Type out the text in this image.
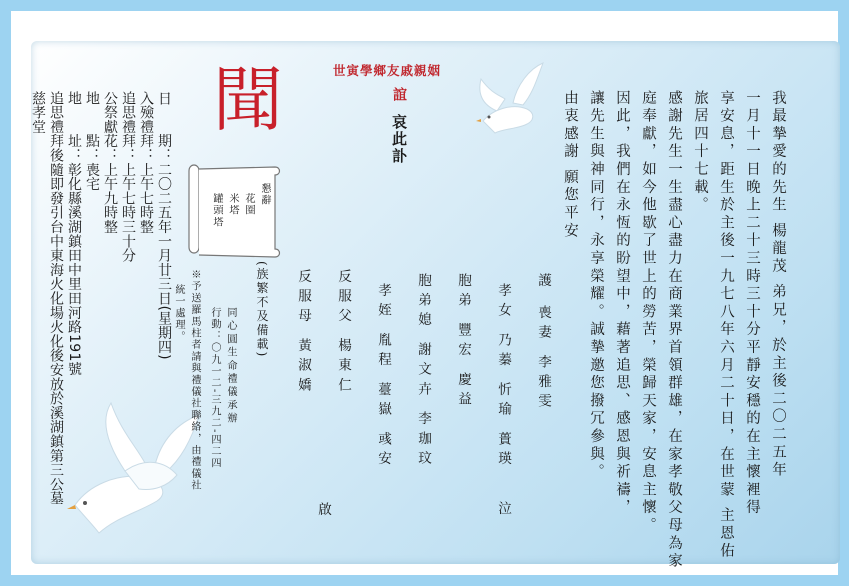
世寅學鄉友戚親姻
聞	誼
哀此訃	我最摯愛的先生 楊龍茂 弟兄，於主後二〇二五年
一月十一日晚上二十三時三十分平靜安穩的在主懷裡得
享安息，距生於主後一九七八年六月二十日，在世蒙 主恩佑
旅居四十七載。
感謝先生一生盡心盡力在商業界首領群雄，在家孝敬父母為家
庭奉獻，如今他歇了世上的勞苦，榮歸天家，安息主懷。
因此，我們在永恆的盼望中，藉著追思、感恩與祈禱，
讓先生與神同行，永享榮耀。誠摯邀您撥冗參與。
由衷感謝 願您平安
護
喪妻 李雅雯
孝女 乃蓁 忻瑜 蕢瑛
泣
胞弟 豐宏 慶益
胞弟媳 謝文卉 李珈玟
孝姪 胤程 薹嶽 彧安
反服父 楊東仁
反服母 黃淑嬌
啟
(族繁不及備載)
懇辭
花圈
米塔
罐頭塔
同心圓生命禮儀承辦
行動：〇九一二-三九二-四二四
※予送羅馬柱者請與禮儀社聯絡，由禮儀社
統一處理。
日　　期：二〇二五年一月廿三日(星期四)
入殮禮拜：上午七時整
追思禮拜：上午七時三十分
公祭獻花：上午九時整
地　　點：喪宅
地　　址：彰化縣溪湖鎮田中里田河路191號
追思禮拜後隨即發引台中東海火化場火化後安放於溪湖鎮第三公墓
慈孝堂
